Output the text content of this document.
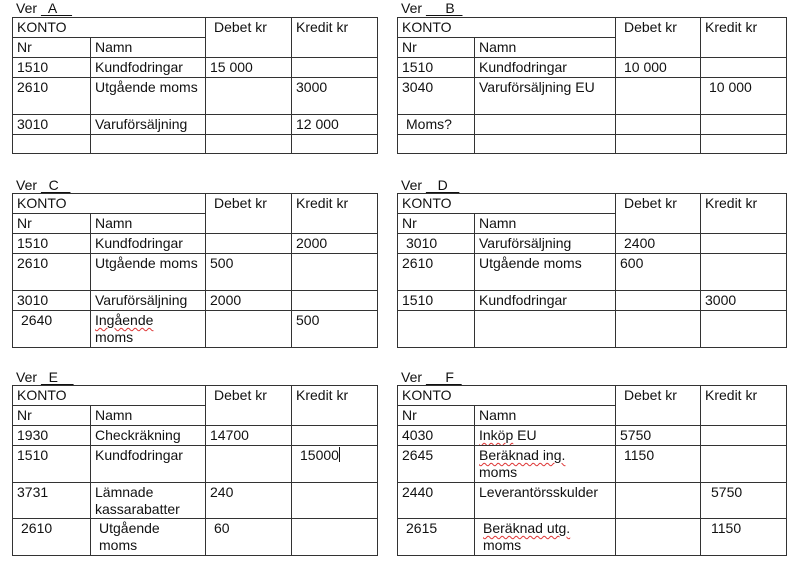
Ver   A
KONTO		Debet kr	Kredit kr
Nr	Namn		
1510	Kundfodringar	15 000	
2610	Utgående moms		3000
3010	Varuförsäljning		12 000

Ver      B
KONTO		Debet kr	Kredit kr
Nr	Namn		
1510	Kundfodringar	10 000	
3040	Varuförsäljning EU		10 000
Moms?			

Ver   C
KONTO		Debet kr	Kredit kr
Nr	Namn		
1510	Kundfodringar		2000
2610	Utgående moms	500	
3010	Varuförsäljning	2000	
2640	Ingående
moms		500
Ver    D
KONTO		Debet kr	Kredit kr
Nr	Namn		
3010	Varuförsäljning	2400	
2610	Utgående moms	600	
1510	Kundfodringar		3000

Ver   E
KONTO		Debet kr	Kredit kr
Nr	Namn		
1930	Checkräkning	14700	
1510	Kundfodringar		15000
3731	Lämnade kassarabatter	240	
2610	Utgående moms	60	
Ver      F
KONTO		Debet kr	Kredit kr
Nr	Namn		
4030	Inköp EU	5750	
2645	Beräknad ing.
moms	1150	
2440	Leverantörsskulder		5750
2615	Beräknad utg.
moms		1150
